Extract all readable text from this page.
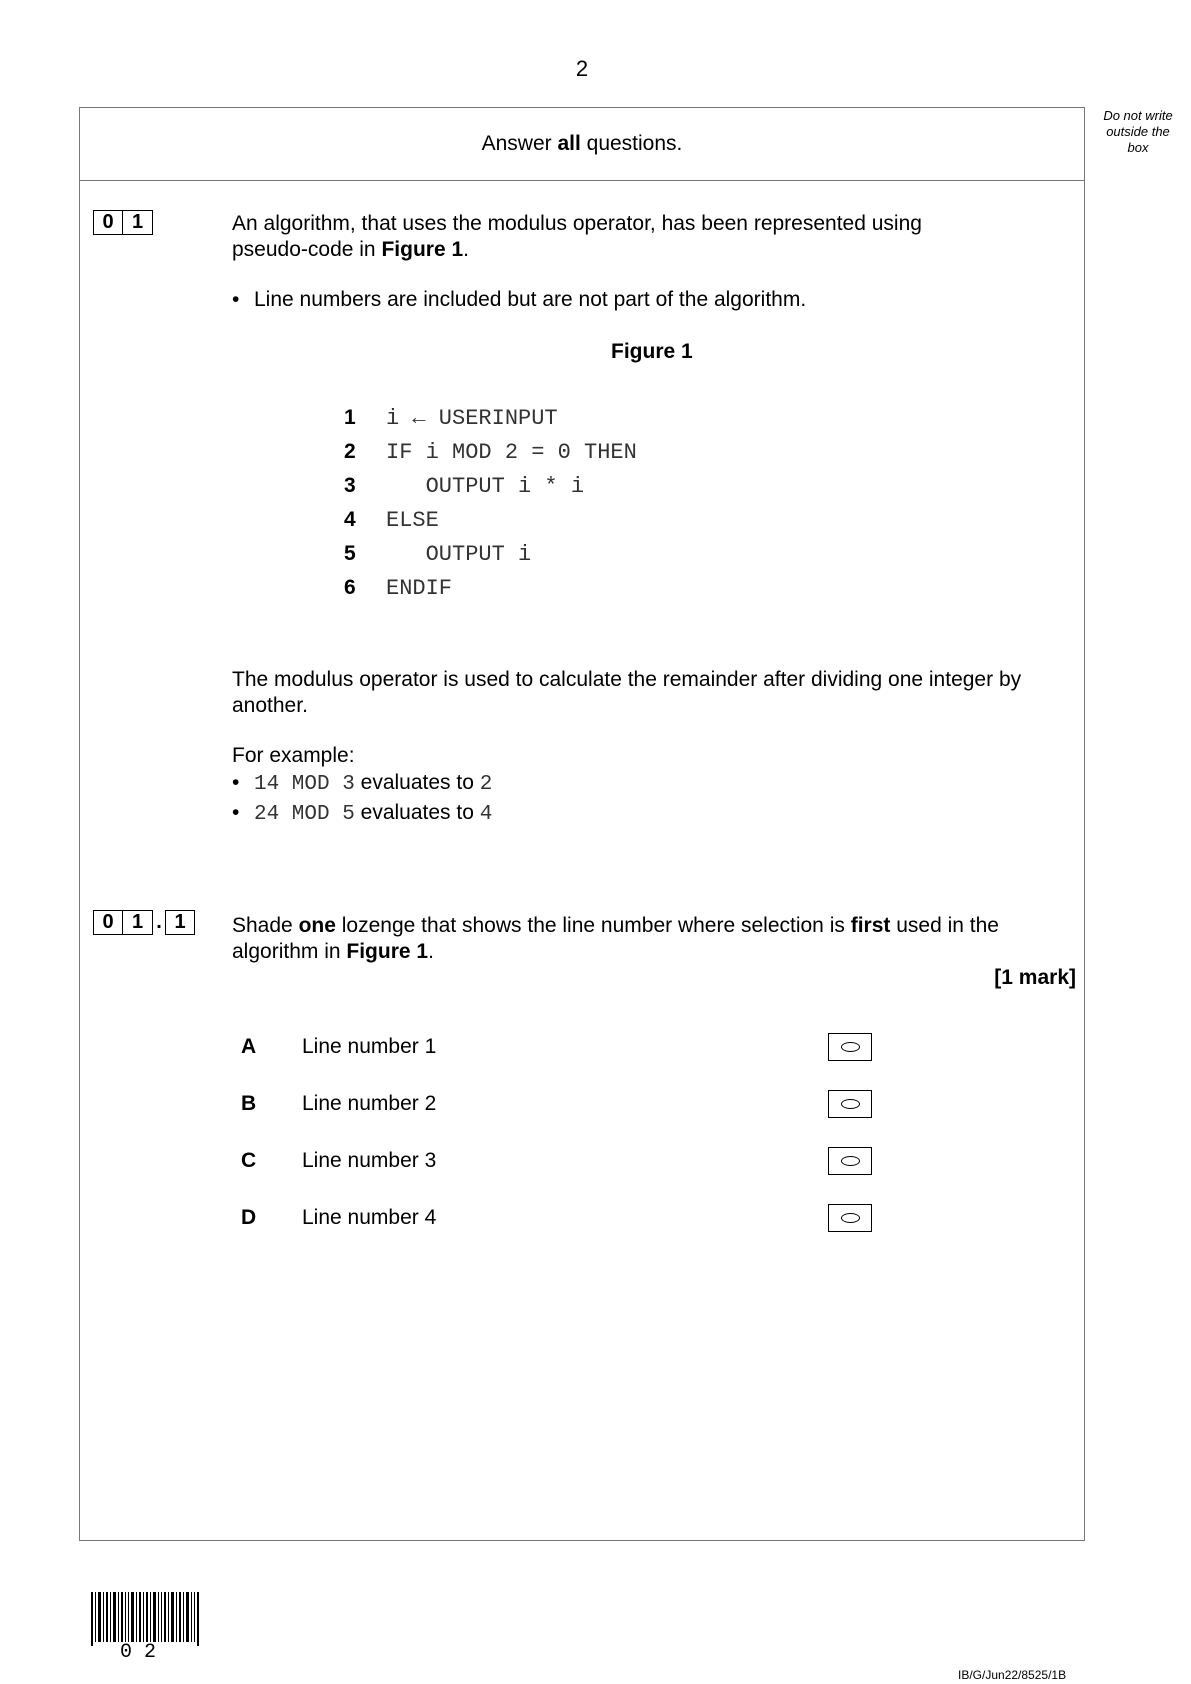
2
Do not write
outside the
box
Answer all questions.
0 1	An algorithm, that uses the modulus operator, has been represented using
pseudo-code in Figure 1.
• Line numbers are included but are not part of the algorithm.
Figure 1
1	i ← USERINPUT
2	IF i MOD 2 = 0 THEN
3	OUTPUT i * i
4	ELSE
5	OUTPUT i
6	ENDIF
The modulus operator is used to calculate the remainder after dividing one integer by
another.
For example:
• 14 MOD 3 evaluates to 2
• 24 MOD 5 evaluates to 4
0 1 . 1	Shade one lozenge that shows the line number where selection is first used in the
algorithm in Figure 1.
[1 mark]
A	Line number 1
B	Line number 2
C	Line number 3
D	Line number 4
02
IB/G/Jun22/8525/1B
